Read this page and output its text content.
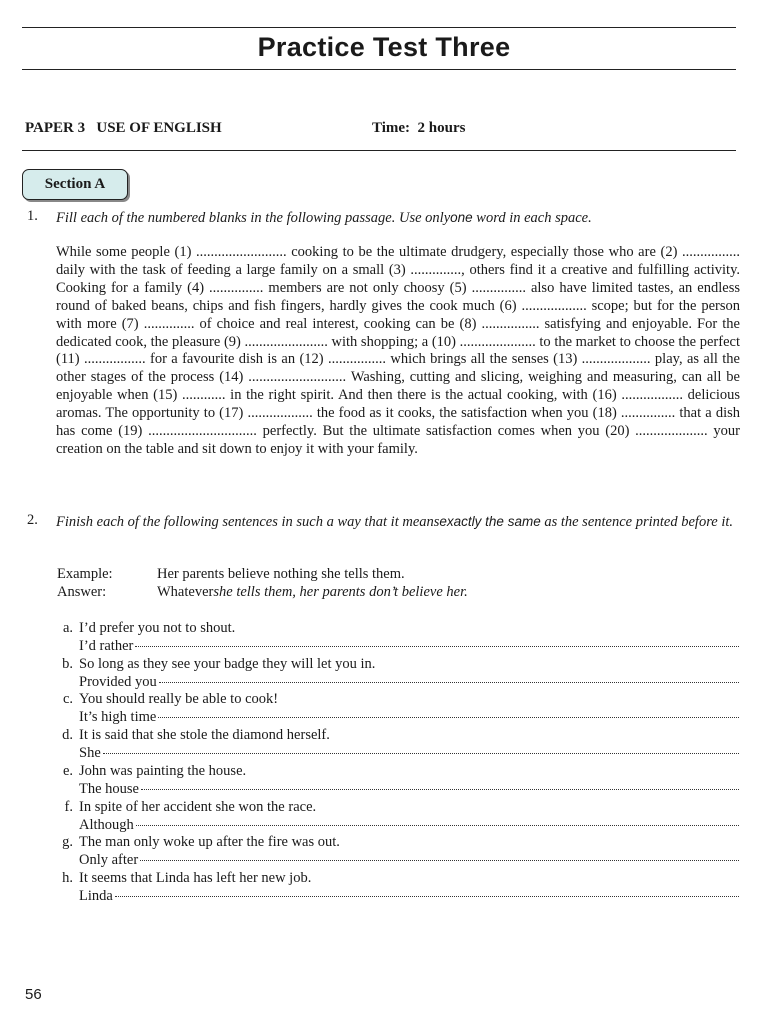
Practice Test Three
PAPER 3   USE OF ENGLISH	Time:  2 hours
Section A
1. Fill each of the numbered blanks in the following passage. Use onlyone word in each space.
While some people (1) ......................... cooking to be the ultimate drudgery, especially those who are (2) ................ daily with the task of feeding a large family on a small (3) .............., others find it a creative and fulfilling activity. Cooking for a family (4) ............... members are not only choosy (5) ............... also have limited tastes, an endless round of baked beans, chips and fish fingers, hardly gives the cook much (6) .................. scope; but for the person with more (7) .............. of choice and real interest, cooking can be (8) ................ satisfying and enjoyable. For the dedicated cook, the pleasure (9) ....................... with shopping; a (10) ..................... to the market to choose the perfect (11) ................. for a favourite dish is an (12) ................ which brings all the senses (13) ................... play, as all the other stages of the process (14) ........................... Washing, cutting and slicing, weighing and measuring, can all be enjoyable when (15) ............ in the right spirit. And then there is the actual cooking, with (16) ................. delicious aromas. The opportunity to (17) .................. the food as it cooks, the satisfaction when you (18) ............... that a dish has come (19) .............................. perfectly. But the ultimate satisfaction comes when you (20) .................... your creation on the table and sit down to enjoy it with your family.
2. Finish each of the following sentences in such a way that it meansexactly the same as the sentence printed before it.
Example:	Her parents believe nothing she tells them.
Answer:	Whatevershe tells them, her parents don’t believe her.
a. I’d prefer you not to shout.
I’d rather
b. So long as they see your badge they will let you in.
Provided you
c. You should really be able to cook!
It’s high time
d. It is said that she stole the diamond herself.
She
e. John was painting the house.
The house
f. In spite of her accident she won the race.
Although
g. The man only woke up after the fire was out.
Only after
h. It seems that Linda has left her new job.
Linda
56
